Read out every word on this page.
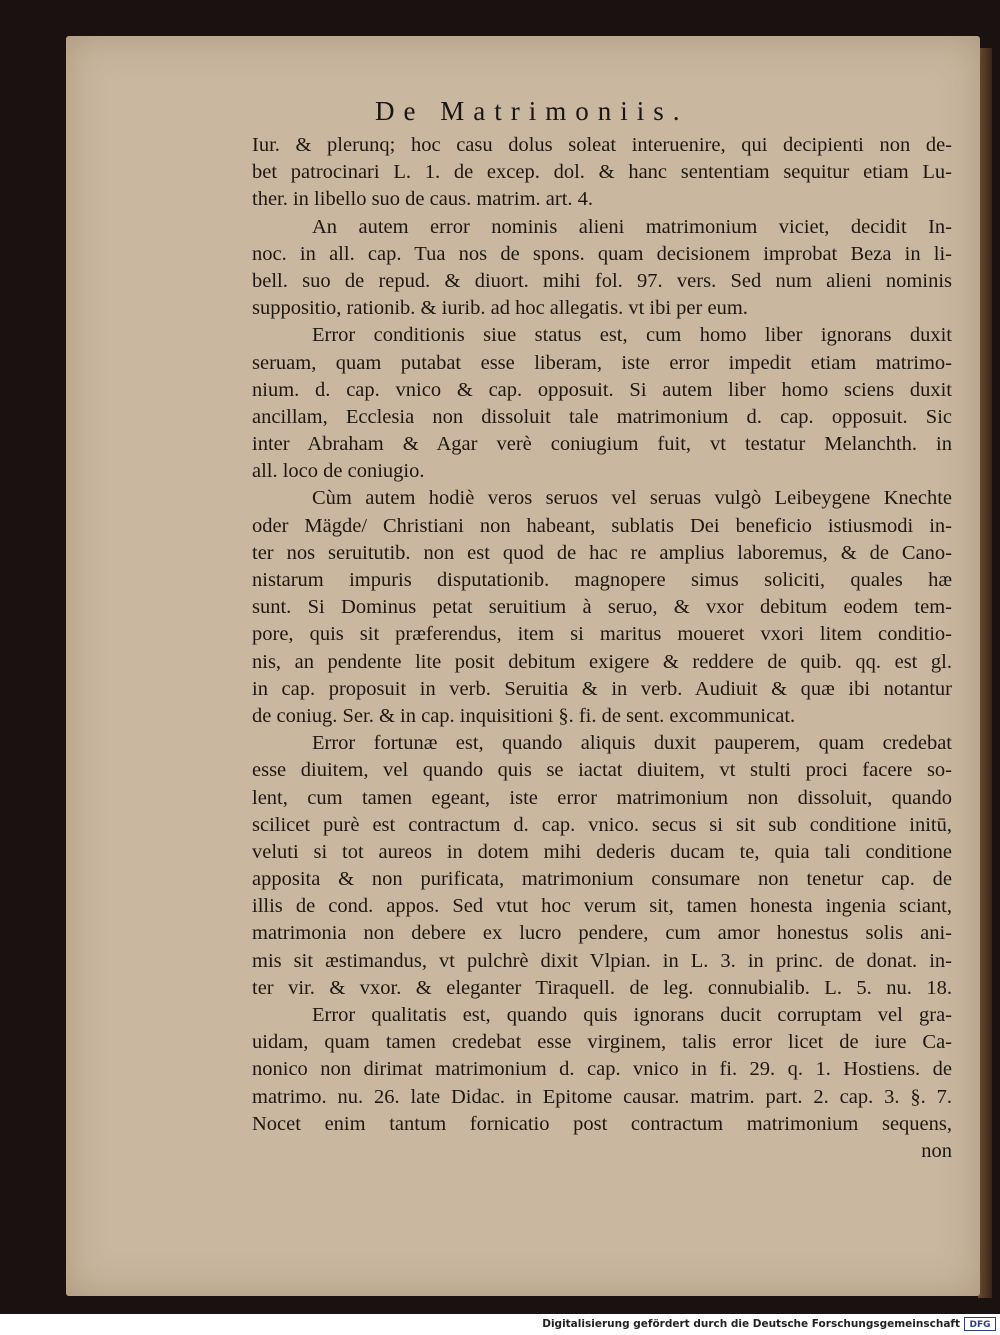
De Matrimoniis.
Iur. & plerunq; hoc casu dolus soleat interuenire, qui decipienti non de-
bet patrocinari L. 1. de excep. dol. & hanc sententiam sequitur etiam Lu-
ther. in libello suo de caus. matrim. art. 4.
An autem error nominis alieni matrimonium viciet, decidit In-
noc. in all. cap. Tua nos de spons. quam decisionem improbat Beza in li-
bell. suo de repud. & diuort. mihi fol. 97. vers. Sed num alieni nominis
suppositio, rationib. & iurib. ad hoc allegatis. vt ibi per eum.
Error conditionis siue status est, cum homo liber ignorans duxit
seruam, quam putabat esse liberam, iste error impedit etiam matrimo-
nium. d. cap. vnico & cap. opposuit. Si autem liber homo sciens duxit
ancillam, Ecclesia non dissoluit tale matrimonium d. cap. opposuit. Sic
inter Abraham & Agar verè coniugium fuit, vt testatur Melanchth. in
all. loco de coniugio.
Cùm autem hodiè veros seruos vel seruas vulgò Leibeygene Knechte
oder Mägde/ Christiani non habeant, sublatis Dei beneficio istiusmodi in-
ter nos seruitutib. non est quod de hac re amplius laboremus, & de Cano-
nistarum impuris disputationib. magnopere simus soliciti, quales hæ
sunt. Si Dominus petat seruitium à seruo, & vxor debitum eodem tem-
pore, quis sit præferendus, item si maritus moueret vxori litem conditio-
nis, an pendente lite posit debitum exigere & reddere de quib. qq. est gl.
in cap. proposuit in verb. Seruitia & in verb. Audiuit & quæ ibi notantur
de coniug. Ser. & in cap. inquisitioni §. fi. de sent. excommunicat.
Error fortunæ est, quando aliquis duxit pauperem, quam credebat
esse diuitem, vel quando quis se iactat diuitem, vt stulti proci facere so-
lent, cum tamen egeant, iste error matrimonium non dissoluit, quando
scilicet purè est contractum d. cap. vnico. secus si sit sub conditione initū,
veluti si tot aureos in dotem mihi dederis ducam te, quia tali conditione
apposita & non purificata, matrimonium consumare non tenetur cap. de
illis de cond. appos. Sed vtut hoc verum sit, tamen honesta ingenia sciant,
matrimonia non debere ex lucro pendere, cum amor honestus solis ani-
mis sit æstimandus, vt pulchrè dixit Vlpian. in L. 3. in princ. de donat. in-
ter vir. & vxor. & eleganter Tiraquell. de leg. connubialib. L. 5. nu. 18.
Error qualitatis est, quando quis ignorans ducit corruptam vel gra-
uidam, quam tamen credebat esse virginem, talis error licet de iure Ca-
nonico non dirimat matrimonium d. cap. vnico in fi. 29. q. 1. Hostiens. de
matrimo. nu. 26. late Didac. in Epitome causar. matrim. part. 2. cap. 3. §. 7.
Nocet enim tantum fornicatio post contractum matrimonium sequens,
non
Digitalisierung gefördert durch die Deutsche Forschungsgemeinschaft	DFG
